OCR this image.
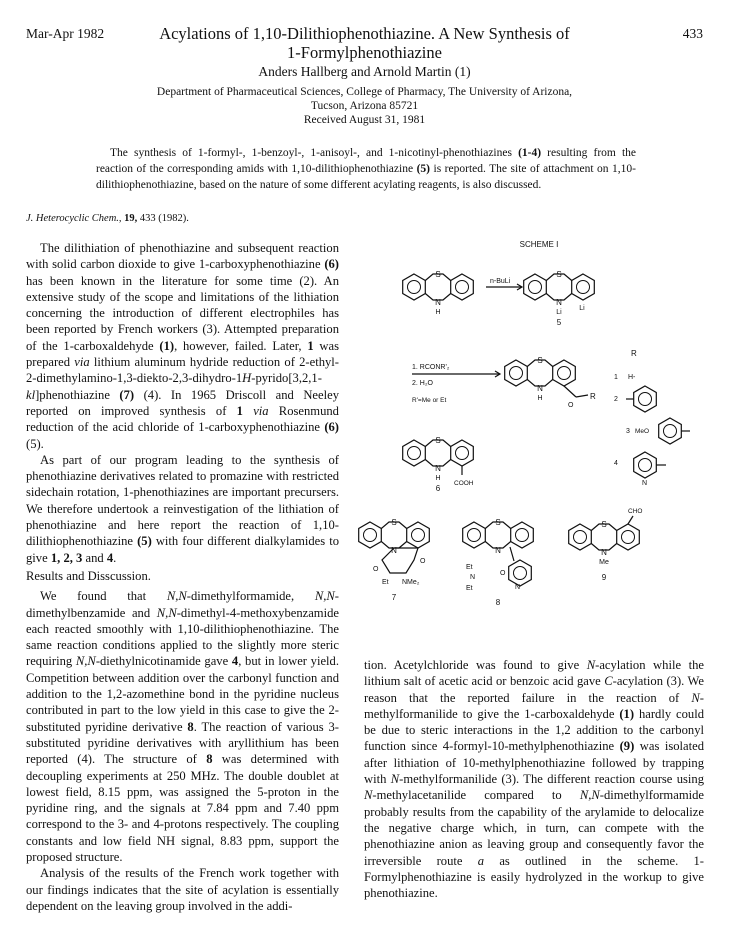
Mar-Apr 1982	433
Acylations of 1,10-Dilithiophenothiazine. A New Synthesis of
1-Formylphenothiazine
Anders Hallberg and Arnold Martin (1)
Department of Pharmaceutical Sciences, College of Pharmacy, The University of Arizona,
Tucson, Arizona 85721
Received August 31, 1981
The synthesis of 1-formyl-, 1-benzoyl-, 1-anisoyl-, and 1-nicotinyl-phenothiazines (1-4) resulting from the reaction of the corresponding amids with 1,10-dilithiophenothiazine (5) is reported. The site of attachment on 1,10-dilithiophenothiazine, based on the nature of some different acylating reagents, is also discussed.
J. Heterocyclic Chem., 19, 433 (1982).

The dilithiation of phenothiazine and subsequent reaction with solid carbon dioxide to give 1-carboxyphenothiazine (6) has been known in the literature for some time (2). An extensive study of the scope and limitations of the lithiation concerning the introduction of different electrophiles has been reported by French workers (3). Attempted preparation of the 1-carboxaldehyde (1), however, failed. Later, 1 was prepared via lithium aluminum hydride reduction of 2-ethyl-2-dimethylamino-1,3-diekto-2,3-dihydro-1H-pyrido[3,2,1-kl]phenothiazine (7) (4). In 1965 Driscoll and Neeley reported on improved synthesis of 1 via Rosenmund reduction of the acid chloride of 1-carboxyphenothiazine (6) (5).

As part of our program leading to the synthesis of phenothiazine derivatives related to promazine with restricted sidechain rotation, 1-phenothiazines are important precursers. We therefore undertook a reinvestigation of the lithiation of phenothiazine and here report the reaction of 1,10-dilithiophenothiazine (5) with four different dialkylamides to give 1, 2, 3 and 4.

Results and Disscussion.

We found that N,N-dimethylformamide, N,N-dimethylbenzamide and N,N-dimethyl-4-methoxybenzamide each reacted smoothly with 1,10-dilithiophenothiazine. The same reaction conditions applied to the slightly more steric requiring N,N-diethylnicotinamide gave 4, but in lower yield. Competition between addition over the carbonyl function and addition to the 1,2-azomethine bond in the pyridine nucleus contributed in part to the low yield in this case to give the 2-substituted pyridine derivative 8. The reaction of various 3-substituted pyridine derivatives with aryllithium has been reported (4). The structure of 8 was determined with decoupling experiments at 250 MHz. The double doublet at lowest field, 8.15 ppm, was assigned the 5-proton in the pyridine ring, and the signals at 7.84 ppm and 7.40 ppm correspond to the 3- and 4-protons respectively. The coupling constants and low field NH signal, 8.83 ppm, support the proposed structure.

Analysis of the results of the French work together with our findings indicates that the site of acylation is essentially dependent on the leaving group involved in the addi-

tion. Acetylchloride was found to give N-acylation while the lithium salt of acetic acid or benzoic acid gave C-acylation (3). We reason that the reported failure in the reaction of N-methylformanilide to give the 1-carboxaldehyde (1) hardly could be due to steric interactions in the 1,2 addition to the carbonyl function since 4-formyl-10-methylphenothiazine (9) was isolated after lithiation of 10-methylphenothiazine followed by trapping with N-methylformanilide (3). The different reaction course using N-methylacetanilide compared to N,N-dimethylformamide probably results from the capability of the arylamide to delocalize the negative charge which, in turn, can compete with the phenothiazine anion as leaving group and consequently favor the irreversible route a as outlined in the scheme. 1-Formylphenothiazine is easily hydrolyzed in the workup to give phenothiazine.

SCHEME I
S
N
H
n-BuLi
S
N
Li
Li
5
1. RCONR'₂
2. H₂O
R'=Me or Et
S
N
H	R
O
R
1 H-
2
3 MeO
4
N
S
N
H
COOH
6
S
N
O
O
Et NMe₂
7
S
N
N
O
Et
N
Et
8
S
N
Me
CHO
9
